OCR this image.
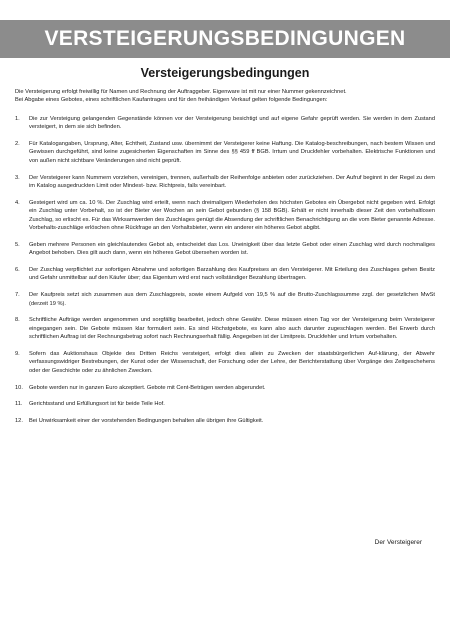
VERSTEIGERUNGSBEDINGUNGEN
Versteigerungsbedingungen
Die Versteigerung erfolgt freiwillig für Namen und Rechnung der Auftraggeber. Eigenware ist mit nur einer Nummer gekennzeichnet.
Bei Abgabe eines Gebotes, eines schriftlichen Kaufantrages und für den freihändigen Verkauf gelten folgende Bedingungen:
1.	Die zur Versteigung gelangenden Gegenstände können vor der Versteigerung besichtigt und auf eigene Gefahr geprüft werden. Sie werden in dem Zustand versteigert, in dem sie sich befinden.
2.	Für Katalogangaben, Ursprung, Alter, Echtheit, Zustand usw. übernimmt der Versteigerer keine Haftung. Die Katalog-beschreibungen, nach bestem Wissen und Gewissen durchgeführt, sind keine zugesicherten Eigenschaften im Sinne des §§ 459 ff BGB. Irrtum und Druckfehler vorbehalten. Elektrische Funktionen und von außen nicht sichtbare Veränderungen sind nicht geprüft.
3.	Der Versteigerer kann Nummern vorziehen, vereinigen, trennen, außerhalb der Reihenfolge anbieten oder zurückziehen. Der Aufruf beginnt in der Regel zu dem im Katalog ausgedruckten Limit oder Mindest- bzw. Richtpreis, falls vereinbart.
4.	Gesteigert wird um ca. 10 %. Der Zuschlag wird erteilt, wenn nach dreimaligem Wiederholen des höchsten Gebotes ein Übergebot nicht gegeben wird. Erfolgt ein Zuschlag unter Vorbehalt, so ist der Bieter vier Wochen an sein Gebot gebunden (§ 158 BGB). Erhält er nicht innerhalb dieser Zeit den vorbehaltlosen Zuschlag, so erlischt es. Für das Wirksamwerden des Zuschlages genügt die Absendung der schriftlichen Benachrichtigung an die vom Bieter genannte Adresse. Vorbehalts-zuschläge erlöschen ohne Rückfrage an den Vorhaltsbieter, wenn ein anderer ein höheres Gebot abgibt.
5.	Geben mehrere Personen ein gleichlautendes Gebot ab, entscheidet das Los. Uneinigkeit über das letzte Gebot oder einen Zuschlag wird durch nochmaliges Angebot behoben. Dies gilt auch dann, wenn ein höheres Gebot übersehen worden ist.
6.	Der Zuschlag verpflichtet zur sofortigen Abnahme und sofortigen Barzahlung des Kaufpreises an den Versteigerer. Mit Erteilung des Zuschlages gehen Besitz und Gefahr unmittelbar auf den Käufer über; das Eigentum wird erst nach vollständiger Bezahlung übertragen.
7.	Der Kaufpreis setzt sich zusammen aus dem Zuschlagpreis, sowie einem Aufgeld von 19,5 % auf die Brutto-Zuschlagssumme zzgl. der gesetzlichen MwSt (derzeit 19 %).
8.	Schriftliche Aufträge werden angenommen und sorgfältig bearbeitet, jedoch ohne Gewähr. Diese müssen einen Tag vor der Versteigerung beim Versteigerer eingegangen sein. Die Gebote müssen klar formuliert sein. Es sind Höchstgebote, es kann also auch darunter zugeschlagen werden. Bei Erwerb durch schriftlichen Auftrag ist der Rechnungsbetrag sofort nach Rechnungserhalt fällig. Angegeben ist der Limitpreis. Druckfehler und Irrtum vorbehalten.
9.	Sofern das Auktionshaus Objekte des Dritten Reichs versteigert, erfolgt dies allein zu Zwecken der staatsbürgerlichen Auf-klärung, der Abwehr verfassungswidriger Bestrebungen, der Kunst oder der Wissenschaft, der Forschung oder der Lehre, der Berichterstattung über Vorgänge des Zeitgeschehens oder der Geschichte oder zu ähnlichen Zwecken.
10.	Gebote werden nur in ganzen Euro akzeptiert. Gebote mit Cent-Beträgen werden abgerundet.
11.	Gerichtsstand und Erfüllungsort ist für beide Teile Hof.
12.	Bei Unwirksamkeit einer der vorstehenden Bedingungen behalten alle übrigen ihre Gültigkeit.
Der Versteigerer
